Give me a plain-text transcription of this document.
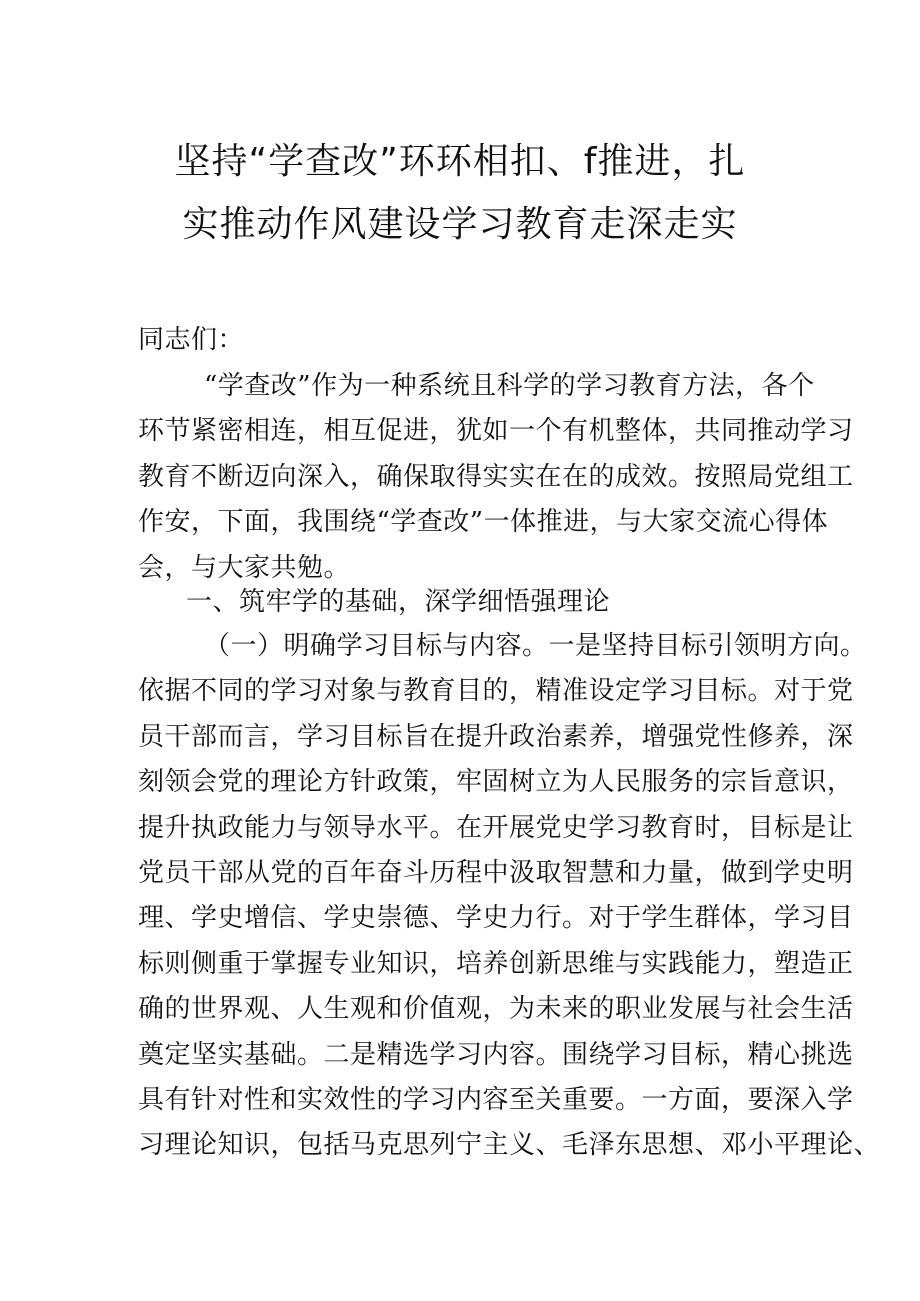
坚持“学查改”环环相扣、f推进，扎
实推动作风建设学习教育走深走实
同志们：
“学查改”作为一种系统且科学的学习教育方法，各个
环节紧密相连，相互促进，犹如一个有机整体，共同推动学习
教育不断迈向深入，确保取得实实在在的成效。按照局党组工
作安，下面，我围绕“学查改”一体推进，与大家交流心得体
会，与大家共勉。
一、筑牢学的基础，深学细悟强理论
（一）明确学习目标与内容。一是坚持目标引领明方向。
依据不同的学习对象与教育目的，精准设定学习目标。对于党
员干部而言，学习目标旨在提升政治素养，增强党性修养，深
刻领会党的理论方针政策，牢固树立为人民服务的宗旨意识，
提升执政能力与领导水平。在开展党史学习教育时，目标是让
党员干部从党的百年奋斗历程中汲取智慧和力量，做到学史明
理、学史增信、学史崇德、学史力行。对于学生群体，学习目
标则侧重于掌握专业知识，培养创新思维与实践能力，塑造正
确的世界观、人生观和价值观，为未来的职业发展与社会生活
奠定坚实基础。二是精选学习内容。围绕学习目标，精心挑选
具有针对性和实效性的学习内容至关重要。一方面，要深入学
习理论知识，包括马克思列宁主义、毛泽东思想、邓小平理论、
